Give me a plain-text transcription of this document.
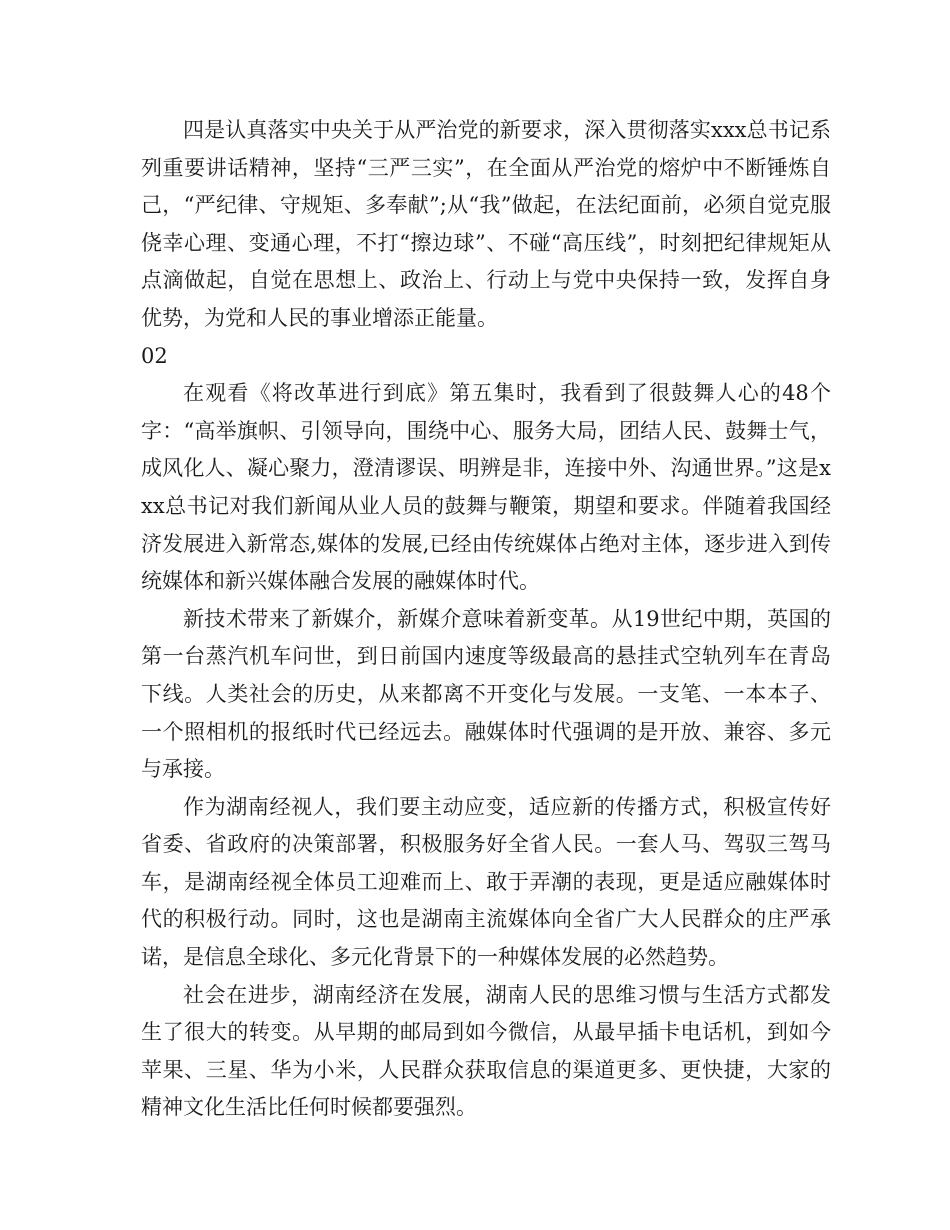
四是认真落实中央关于从严治党的新要求，深入贯彻落实xxx总书记系列重要讲话精神，坚持“三严三实”，在全面从严治党的熔炉中不断锤炼自己，“严纪律、守规矩、多奉献”;从“我”做起，在法纪面前，必须自觉克服侥幸心理、变通心理，不打“擦边球”、不碰“高压线”，时刻把纪律规矩从点滴做起，自觉在思想上、政治上、行动上与党中央保持一致，发挥自身优势，为党和人民的事业增添正能量。

02

在观看《将改革进行到底》第五集时，我看到了很鼓舞人心的48个字：“高举旗帜、引领导向，围绕中心、服务大局，团结人民、鼓舞士气，成风化人、凝心聚力，澄清谬误、明辨是非，连接中外、沟通世界。”这是xxx总书记对我们新闻从业人员的鼓舞与鞭策，期望和要求。伴随着我国经济发展进入新常态,媒体的发展,已经由传统媒体占绝对主体，逐步进入到传统媒体和新兴媒体融合发展的融媒体时代。

新技术带来了新媒介，新媒介意味着新变革。从19世纪中期，英国的第一台蒸汽机车问世，到日前国内速度等级最高的悬挂式空轨列车在青岛下线。人类社会的历史，从来都离不开变化与发展。一支笔、一本本子、一个照相机的报纸时代已经远去。融媒体时代强调的是开放、兼容、多元与承接。

作为湖南经视人，我们要主动应变，适应新的传播方式，积极宣传好省委、省政府的决策部署，积极服务好全省人民。一套人马、驾驭三驾马车，是湖南经视全体员工迎难而上、敢于弄潮的表现，更是适应融媒体时代的积极行动。同时，这也是湖南主流媒体向全省广大人民群众的庄严承诺，是信息全球化、多元化背景下的一种媒体发展的必然趋势。

社会在进步，湖南经济在发展，湖南人民的思维习惯与生活方式都发生了很大的转变。从早期的邮局到如今微信，从最早插卡电话机，到如今苹果、三星、华为小米，人民群众获取信息的渠道更多、更快捷，大家的精神文化生活比任何时候都要强烈。
